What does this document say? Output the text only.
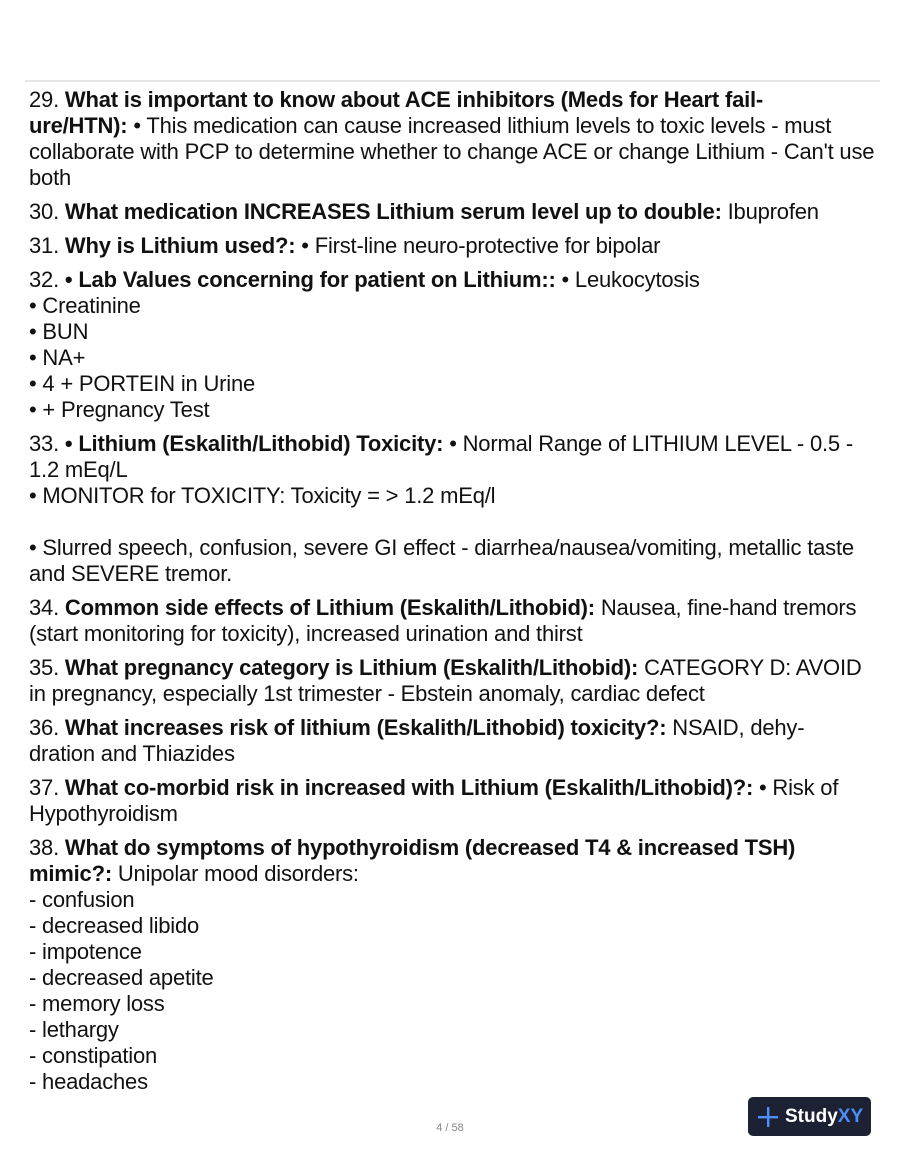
29. What is important to know about ACE inhibitors (Meds for Heart fail-
ure/HTN): • This medication can cause increased lithium levels to toxic levels - must collaborate with PCP to determine whether to change ACE or change Lithium - Can't use both
30. What medication INCREASES Lithium serum level up to double: Ibuprofen
31. Why is Lithium used?: • First-line neuro-protective for bipolar
32. • Lab Values concerning for patient on Lithium:: • Leukocytosis
• Creatinine
• BUN
• NA+
• 4 + PORTEIN in Urine
• + Pregnancy Test
33. • Lithium (Eskalith/Lithobid) Toxicity: • Normal Range of LITHIUM LEVEL - 0.5 - 1.2 mEq/L
• MONITOR for TOXICITY: Toxicity = > 1.2 mEq/l
• Slurred speech, confusion, severe GI effect - diarrhea/nausea/vomiting, metallic taste and SEVERE tremor.
34. Common side effects of Lithium (Eskalith/Lithobid): Nausea, fine-hand tremors (start monitoring for toxicity), increased urination and thirst
35. What pregnancy category is Lithium (Eskalith/Lithobid): CATEGORY D: AVOID in pregnancy, especially 1st trimester - Ebstein anomaly, cardiac defect
36. What increases risk of lithium (Eskalith/Lithobid) toxicity?: NSAID, dehy-
dration and Thiazides
37. What co-morbid risk in increased with Lithium (Eskalith/Lithobid)?: • Risk of Hypothyroidism
38. What do symptoms of hypothyroidism (decreased T4 & increased TSH) mimic?: Unipolar mood disorders:
- confusion
- decreased libido
- impotence
- decreased apetite
- memory loss
- lethargy
- constipation
- headaches
4 / 58
StudyXY
